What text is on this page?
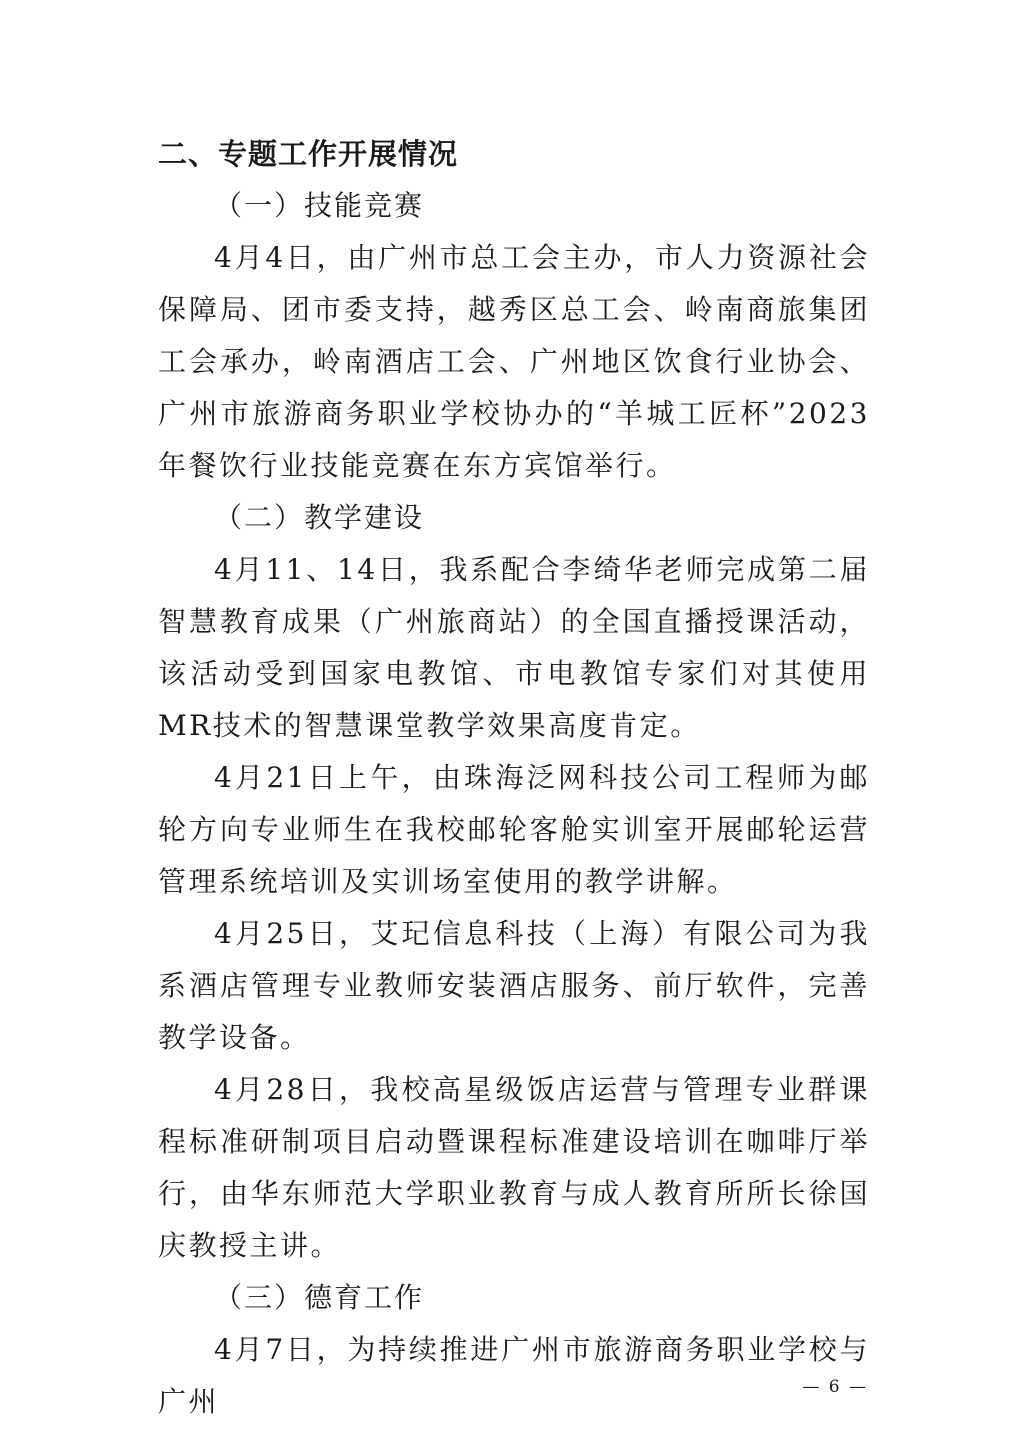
二、专题工作开展情况

（一）技能竞赛

4月4日，由广州市总工会主办，市人力资源社会保障局、团市委支持，越秀区总工会、岭南商旅集团工会承办，岭南酒店工会、广州地区饮食行业协会、广州市旅游商务职业学校协办的“羊城工匠杯”2023年餐饮行业技能竞赛在东方宾馆举行。

（二）教学建设

4月11、14日，我系配合李绮华老师完成第二届智慧教育成果（广州旅商站）的全国直播授课活动，该活动受到国家电教馆、市电教馆专家们对其使用MR技术的智慧课堂教学效果高度肯定。

4月21日上午，由珠海泛网科技公司工程师为邮轮方向专业师生在我校邮轮客舱实训室开展邮轮运营管理系统培训及实训场室使用的教学讲解。

4月25日，艾玘信息科技（上海）有限公司为我系酒店管理专业教师安装酒店服务、前厅软件，完善教学设备。

4月28日，我校高星级饭店运营与管理专业群课程标准研制项目启动暨课程标准建设培训在咖啡厅举行，由华东师范大学职业教育与成人教育所所长徐国庆教授主讲。

（三）德育工作

4月7日，为持续推进广州市旅游商务职业学校与广州	— 6 —
